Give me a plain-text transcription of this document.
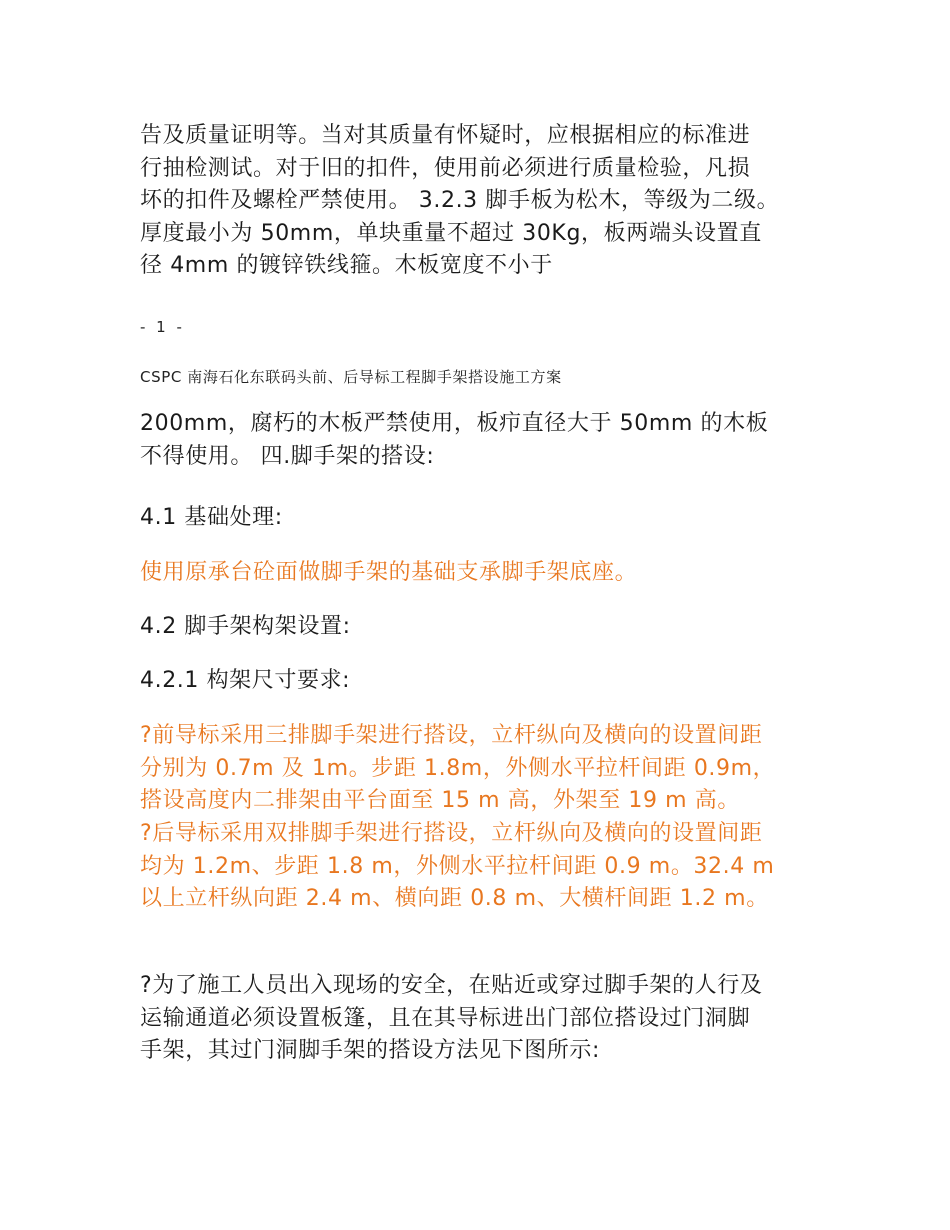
告及质量证明等。当对其质量有怀疑时，应根据相应的标准进
行抽检测试。对于旧的扣件，使用前必须进行质量检验，凡损
坏的扣件及螺栓严禁使用。 3.2.3 脚手板为松木，等级为二级。
厚度最小为 50mm，单块重量不超过 30Kg，板两端头设置直
径 4mm 的镀锌铁线箍。木板宽度不小于
- 1 -
CSPC 南海石化东联码头前、后导标工程脚手架搭设施工方案
200mm，腐朽的木板严禁使用，板疖直径大于 50mm 的木板
不得使用。 四.脚手架的搭设:
4.1 基础处理:
使用原承台砼面做脚手架的基础支承脚手架底座。
4.2 脚手架构架设置:
4.2.1 构架尺寸要求:
?前导标采用三排脚手架进行搭设，立杆纵向及横向的设置间距
分别为 0.7m 及 1m。步距 1.8m，外侧水平拉杆间距 0.9m，
搭设高度内二排架由平台面至 15 m 高，外架至 19 m 高。
?后导标采用双排脚手架进行搭设，立杆纵向及横向的设置间距
均为 1.2m、步距 1.8 m，外侧水平拉杆间距 0.9 m。32.4 m
以上立杆纵向距 2.4 m、横向距 0.8 m、大横杆间距 1.2 m。
?为了施工人员出入现场的安全，在贴近或穿过脚手架的人行及
运输通道必须设置板篷，且在其导标进出门部位搭设过门洞脚
手架，其过门洞脚手架的搭设方法见下图所示:
